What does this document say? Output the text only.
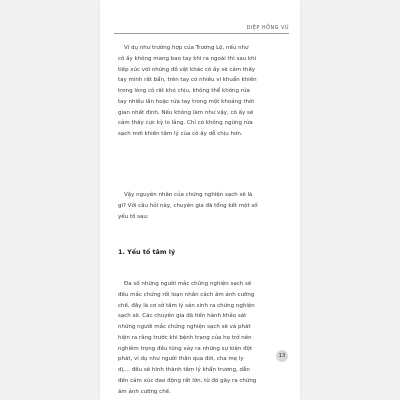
DIỆP HỒNG VŨ
Ví dụ như trường hợp của Trương Lộ, nếu như
cô ấy không mang bao tay khi ra ngoài thì sau khi
tiếp xúc với những đồ vật khác cô ấy sẽ cảm thấy
tay mình rất bẩn, trên tay có nhiều vi khuẩn khiến
trong lòng cô rất khó chịu, không thể không rửa
tay nhiều lần hoặc rửa tay trong một khoảng thời
gian nhất định. Nếu không làm như vậy, cô ấy sẽ
cảm thấy cực kỳ lo lắng. Chỉ có không ngừng rửa
sạch mới khiến tâm lý của cô ấy dễ chịu hơn.
Vậy nguyên nhân của chứng nghiện sạch sẽ là
gì? Với câu hỏi này, chuyên gia đã tổng kết một số
yếu tố sau:
1. Yếu tố tâm lý
Đa số những người mắc chứng nghiện sạch sẽ
đều mắc chứng rối loạn nhân cách ám ảnh cưỡng
chế, đây là cơ sở tâm lý sản sinh ra chứng nghiện
sạch sẽ. Các chuyên gia đã tiến hành khảo sát
những người mắc chứng nghiện sạch sẽ và phát
hiện ra rằng trước khi bệnh trạng của họ trở nên
nghiêm trọng đều từng xảy ra những sự kiện đột
phát, ví dụ như người thân qua đời, cha mẹ ly
dị,... đều sẽ hình thành tâm lý khẩn trương, dẫn
đến cảm xúc dao động rất lớn, từ đó gây ra chứng
ám ảnh cưỡng chế.
13
